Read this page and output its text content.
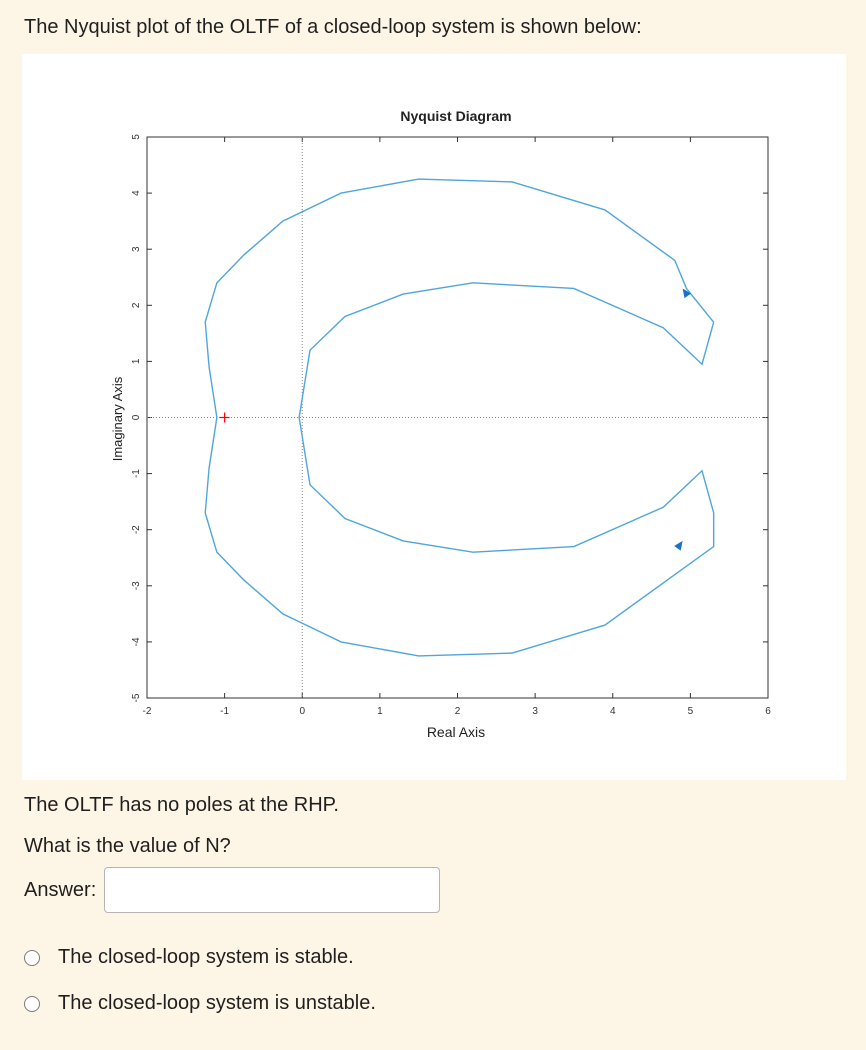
The Nyquist plot of the OLTF of a closed-loop system is shown below:
Nyquist Diagram
Real Axis
Imaginary Axis
-2	-1	0	1	2	3	4	5	6
5
4
3
2
1
0
-1
-2
-3
-4
-5
The OLTF has no poles at the RHP.
What is the value of N?
Answer:
The closed-loop system is stable.
The closed-loop system is unstable.
